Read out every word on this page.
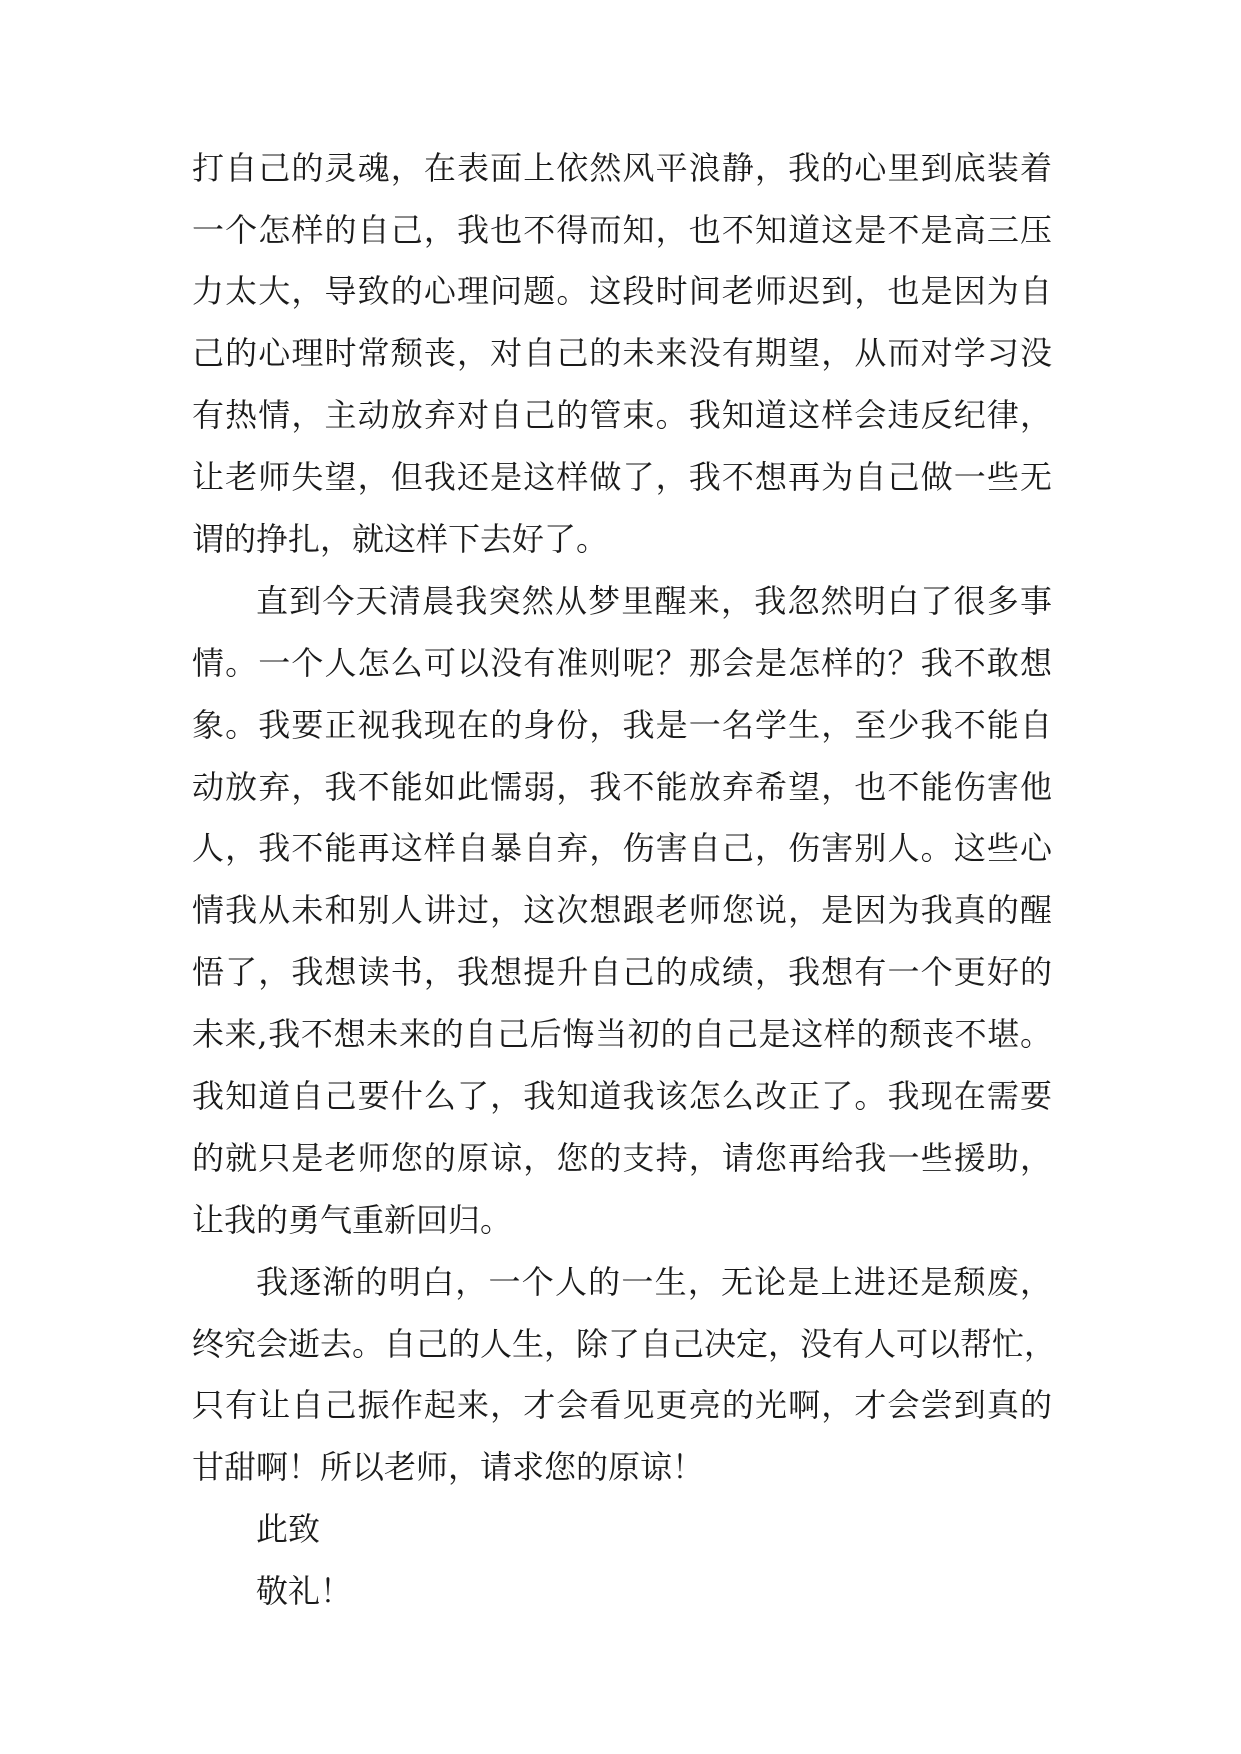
打自己的灵魂，在表面上依然风平浪静，我的心里到底装着
一个怎样的自己，我也不得而知，也不知道这是不是高三压
力太大，导致的心理问题。这段时间老师迟到，也是因为自
己的心理时常颓丧，对自己的未来没有期望，从而对学习没
有热情，主动放弃对自己的管束。我知道这样会违反纪律，
让老师失望，但我还是这样做了，我不想再为自己做一些无
谓的挣扎，就这样下去好了。
直到今天清晨我突然从梦里醒来，我忽然明白了很多事
情。一个人怎么可以没有准则呢？那会是怎样的？我不敢想
象。我要正视我现在的身份，我是一名学生，至少我不能自
动放弃，我不能如此懦弱，我不能放弃希望，也不能伤害他
人，我不能再这样自暴自弃，伤害自己，伤害别人。这些心
情我从未和别人讲过，这次想跟老师您说，是因为我真的醒
悟了，我想读书，我想提升自己的成绩，我想有一个更好的
未来,我不想未来的自己后悔当初的自己是这样的颓丧不堪。
我知道自己要什么了，我知道我该怎么改正了。我现在需要
的就只是老师您的原谅，您的支持，请您再给我一些援助，
让我的勇气重新回归。
我逐渐的明白，一个人的一生，无论是上进还是颓废，
终究会逝去。自己的人生，除了自己决定，没有人可以帮忙，
只有让自己振作起来，才会看见更亮的光啊，才会尝到真的
甘甜啊！所以老师，请求您的原谅！
此致
敬礼！
